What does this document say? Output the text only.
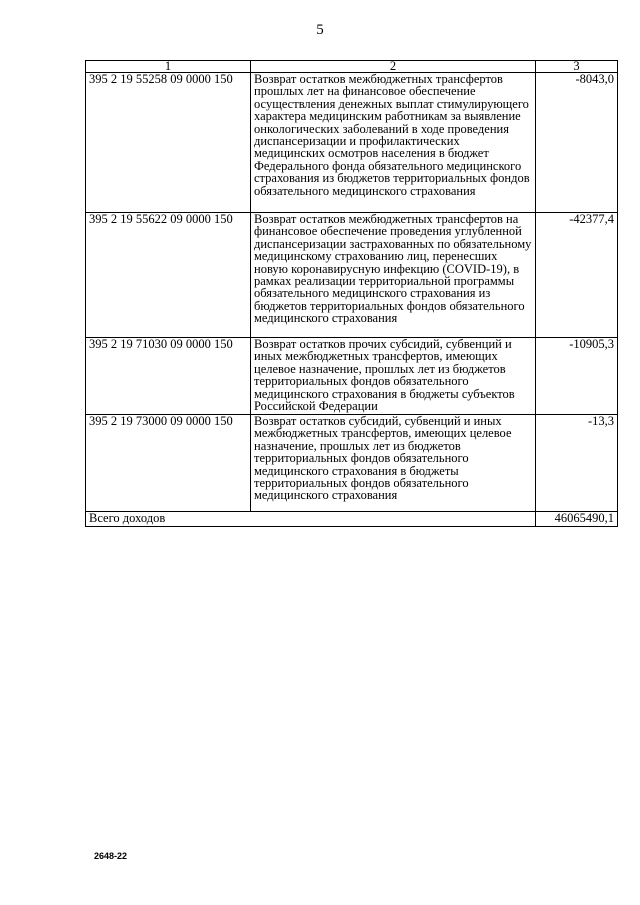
5
1	2	3
395 2 19 55258 09 0000 150	Возврат остатков межбюджетных трансфертов прошлых лет на финансовое обеспечение осуществления денежных выплат стимулирующего характера медицинским работникам за выявление онкологических заболеваний в ходе проведения диспансеризации и профилактических медицинских осмотров населения в бюджет Федерального фонда обязательного медицинского страхования из бюджетов территориальных фондов обязательного медицинского страхования	-8043,0
395 2 19 55622 09 0000 150	Возврат остатков межбюджетных трансфертов на финансовое обеспечение проведения углубленной диспансеризации застрахованных по обязательному медицинскому страхованию лиц, перенесших новую коронавирусную инфекцию (COVID-19), в рамках реализации территориальной программы обязательного медицинского страхования из бюджетов территориальных фондов обязательного медицинского страхования	-42377,4
395 2 19 71030 09 0000 150	Возврат остатков прочих субсидий, субвенций и иных межбюджетных трансфертов, имеющих целевое назначение, прошлых лет из бюджетов территориальных фондов обязательного медицинского страхования в бюджеты субъектов Российской Федерации	-10905,3
395 2 19 73000 09 0000 150	Возврат остатков субсидий, субвенций и иных межбюджетных трансфертов, имеющих целевое назначение, прошлых лет из бюджетов территориальных фондов обязательного медицинского страхования в бюджеты территориальных фондов обязательного медицинского страхования	-13,3
Всего доходов		46065490,1
2648-22
